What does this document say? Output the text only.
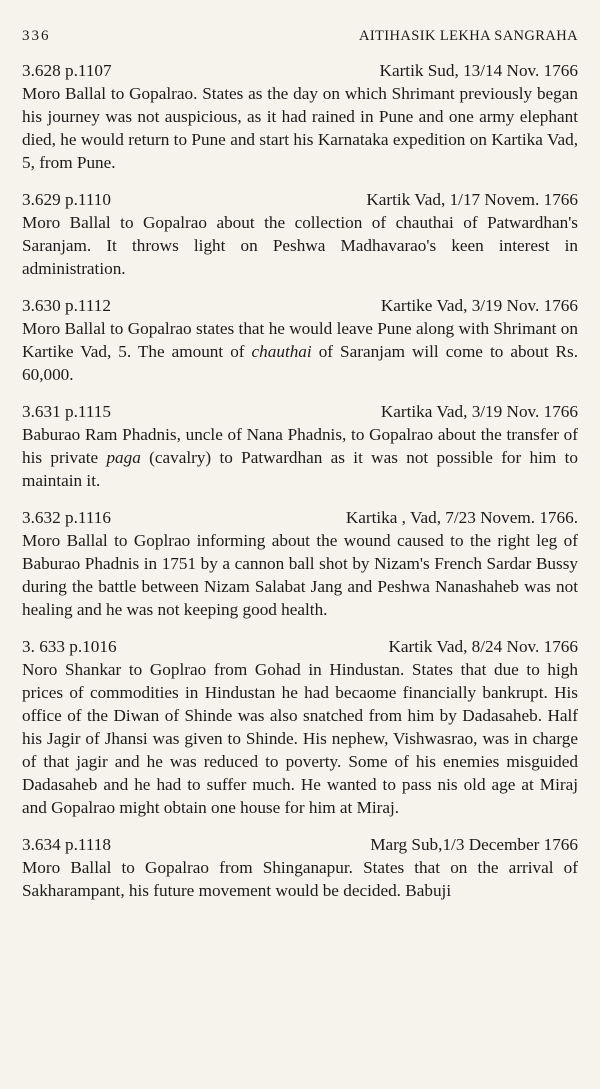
336	AITIHASIK LEKHA SANGRAHA
3.628 p.1107	Kartik Sud, 13/14 Nov. 1766

Moro Ballal to Gopalrao. States as the day on which Shrimant previously began his journey was not auspicious, as it had rained in Pune and one army elephant died, he would return to Pune and start his Karnataka expedition on Kartika Vad, 5, from Pune.

3.629 p.1110	Kartik Vad, 1/17 Novem. 1766

Moro Ballal to Gopalrao about the collection of chauthai of Patwardhan's Saranjam. It throws light on Peshwa Madhavarao's keen interest in administration.

3.630 p.1112	Kartike Vad, 3/19 Nov. 1766

Moro Ballal to Gopalrao states that he would leave Pune along with Shrimant on Kartike Vad, 5. The amount of chauthai of Saranjam will come to about Rs. 60,000.

3.631 p.1115	Kartika Vad, 3/19 Nov. 1766

Baburao Ram Phadnis, uncle of Nana Phadnis, to Gopalrao about the transfer of his private paga (cavalry) to Patwardhan as it was not possible for him to maintain it.

3.632 p.1116	Kartika , Vad, 7/23 Novem. 1766.

Moro Ballal to Goplrao informing about the wound caused to the right leg of Baburao Phadnis in 1751 by a cannon ball shot by Nizam's French Sardar Bussy during the battle between Nizam Salabat Jang and Peshwa Nanashaheb was not healing and he was not keeping good health.

3. 633 p.1016	Kartik Vad, 8/24 Nov. 1766

Noro Shankar to Goplrao from Gohad in Hindustan. States that due to high prices of commodities in Hindustan he had becaome financially bankrupt. His office of the Diwan of Shinde was also snatched from him by Dadasaheb. Half his Jagir of Jhansi was given to Shinde. His nephew, Vishwasrao, was in charge of that jagir and he was reduced to poverty. Some of his enemies misguided Dadasaheb and he had to suffer much. He wanted to pass nis old age at Miraj and Gopalrao might obtain one house for him at Miraj.

3.634 p.1118	Marg Sub,1/3 December 1766

Moro Ballal to Gopalrao from Shinganapur. States that on the arrival of Sakharampant, his future movement would be decided. Babuji
